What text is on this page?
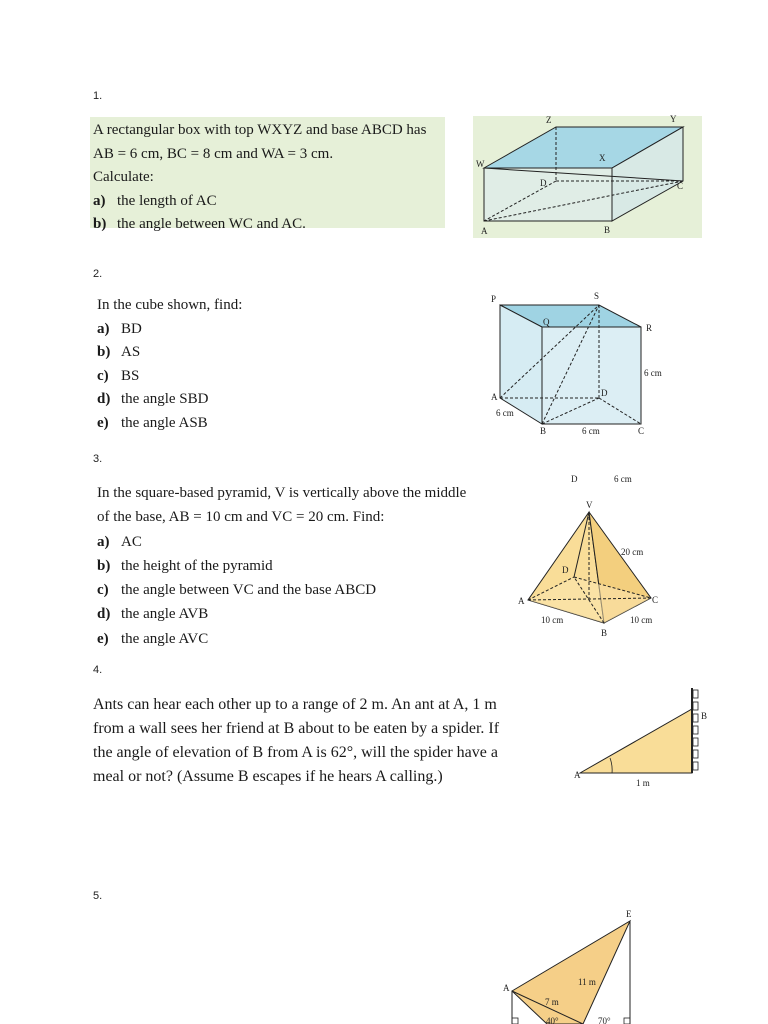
1.

A rectangular box with top WXYZ and base ABCD has

AB = 6 cm, BC = 8 cm and WA = 3 cm.

Calculate:

a) the length of AC

b) the angle between WC and AC.

W
Z	Y
X
D	C
A	B
2.

In the cube shown, find:

a) BD

b) AS

c) BS

d) the angle SBD

e) the angle ASB

P	S
Q
R
6 cm
D
A
6 cm
B	6 cm	C
D	6 cm
3.

In the square-based pyramid, V is vertically above the middle

of the base, AB = 10 cm and VC = 20 cm. Find:

a) AC

b) the height of the pyramid

c) the angle between VC and the base ABCD

d) the angle AVB

e) the angle AVC

V
20 cm
D
A	C
10 cm	10 cm
B
4.

Ants can hear each other up to a range of 2 m. An ant at A, 1 m

from a wall sees her friend at B about to be eaten by a spider. If

the angle of elevation of B from A is 62°, will the spider have a

meal or not? (Assume B escapes if he hears A calling.)	A
B
1 m
5.
E
A
11 m
7 m
40°	70°
